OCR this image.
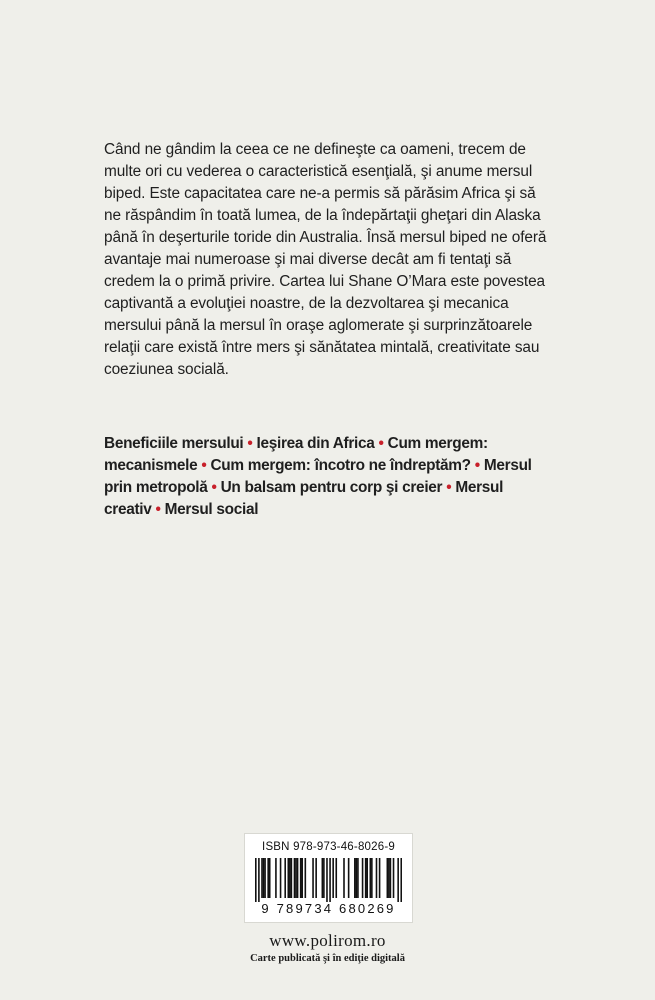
Când ne gândim la ceea ce ne defineşte ca oameni, trecem de multe ori cu vederea o caracteristică esenţială, şi anume mersul biped. Este capacitatea care ne-a permis să părăsim Africa şi să ne răspândim în toată lumea, de la îndepărtaţii gheţari din Alaska până în deşerturile toride din Australia. Însă mersul biped ne oferă avantaje mai numeroase şi mai diverse decât am fi tentaţi să credem la o primă privire. Cartea lui Shane O’Mara este povestea captivantă a evoluţiei noastre, de la dezvoltarea şi mecanica mersului până la mersul în oraşe aglomerate şi surprinzătoarele relaţii care există între mers şi sănătatea mintală, creativitate sau coeziunea socială.

Beneficiile mersului • Ieşirea din Africa • Cum mergem: mecanismele • Cum mergem: încotro ne îndreptăm? • Mersul prin metropolă • Un balsam pentru corp şi creier • Mersul creativ • Mersul social

ISBN 978-973-46-8026-9
9 789734 680269
www.polirom.ro
Carte publicată şi în ediţie digitală
